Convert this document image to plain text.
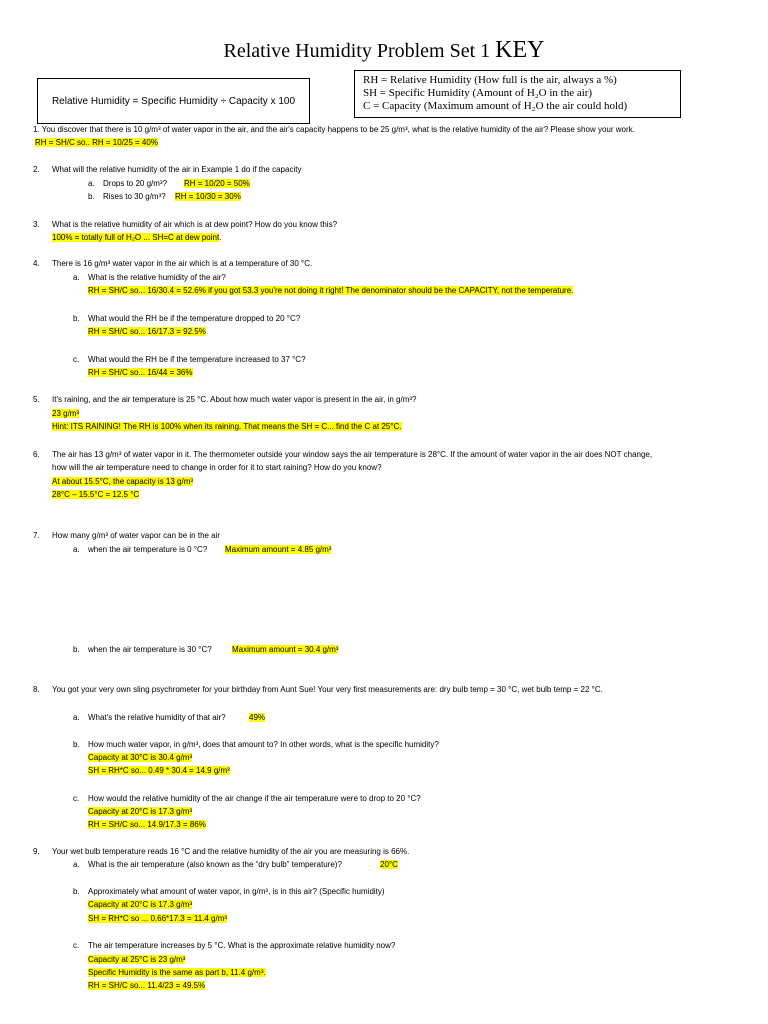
Relative Humidity Problem Set 1 KEY
Relative Humidity = Specific Humidity ÷ Capacity x 100
RH = Relative Humidity (How full is the air, always a %)
SH = Specific Humidity (Amount of H₂O in the air)
C = Capacity (Maximum amount of H₂O the air could hold)
1. You discover that there is 10 g/m³ of water vapor in the air, and the air's capacity happens to be 25 g/m³, what is the relative humidity of the air? Please show your work.
RH = SH/C so.. RH = 10/25 = 40%
2. What will the relative humidity of the air in Example 1 do if the capacity
a. Drops to 20 g/m³? RH = 10/20 = 50%
b. Rises to 30 g/m³? RH = 10/30 = 30%
3. What is the relative humidity of air which is at dew point? How do you know this?
100% = totally full of H₂O ... SH=C at dew point.
4. There is 16 g/m³ water vapor in the air which is at a temperature of 30 °C.
a. What is the relative humidity of the air?
RH = SH/C so... 16/30.4 = 52.6% if you got 53.3 you're not doing it right! The denominator should be the CAPACITY, not the temperature.
b. What would the RH be if the temperature dropped to 20 °C?
RH = SH/C so... 16/17.3 = 92.5%
c. What would the RH be if the temperature increased to 37 °C?
RH = SH/C so... 16/44 = 36%
5. It's raining, and the air temperature is 25 °C. About how much water vapor is present in the air, in g/m³?
23 g/m³
Hint: ITS RAINING! The RH is 100% when its raining. That means the SH = C... find the C at 25°C.
6. The air has 13 g/m³ of water vapor in it. The thermometer outside your window says the air temperature is 28°C. If the amount of water vapor in the air does NOT change,
how will the air temperature need to change in order for it to start raining? How do you know?
At about 15.5°C, the capacity is 13 g/m³
28°C – 15.5°C = 12.5 °C
7. How many g/m³ of water vapor can be in the air
a. when the air temperature is 0 °C? Maximum amount = 4.85 g/m³
b. when the air temperature is 30 °C?	Maximum amount = 30.4 g/m³
8. You got your very own sling psychrometer for your birthday from Aunt Sue! Your very first measurements are: dry bulb temp = 30 °C, wet bulb temp = 22 °C.
a. What's the relative humidity of that air?	49%
b. How much water vapor, in g/m³, does that amount to? In other words, what is the specific humidity?
Capacity at 30°C is 30.4 g/m³
SH = RH*C so... 0.49 * 30.4 = 14.9 g/m³
c. How would the relative humidity of the air change if the air temperature were to drop to 20 °C?
Capacity at 20°C is 17.3 g/m³
RH = SH/C so... 14.9/17.3 = 86%
9. Your wet bulb temperature reads 16 °C and the relative humidity of the air you are measuring is 66%.
a. What is the air temperature (also known as the “dry bulb” temperature)?	20°C
b. Approximately what amount of water vapor, in g/m³, is in this air? (Specific humidity)
Capacity at 20°C is 17.3 g/m³
SH = RH*C so ... 0.66*17.3 = 11.4 g/m³
c. The air temperature increases by 5 °C. What is the approximate relative humidity now?
Capacity at 25°C is 23 g/m³
Specific Humidity is the same as part b, 11.4 g/m³.
RH = SH/C so... 11.4/23 = 49.5%
